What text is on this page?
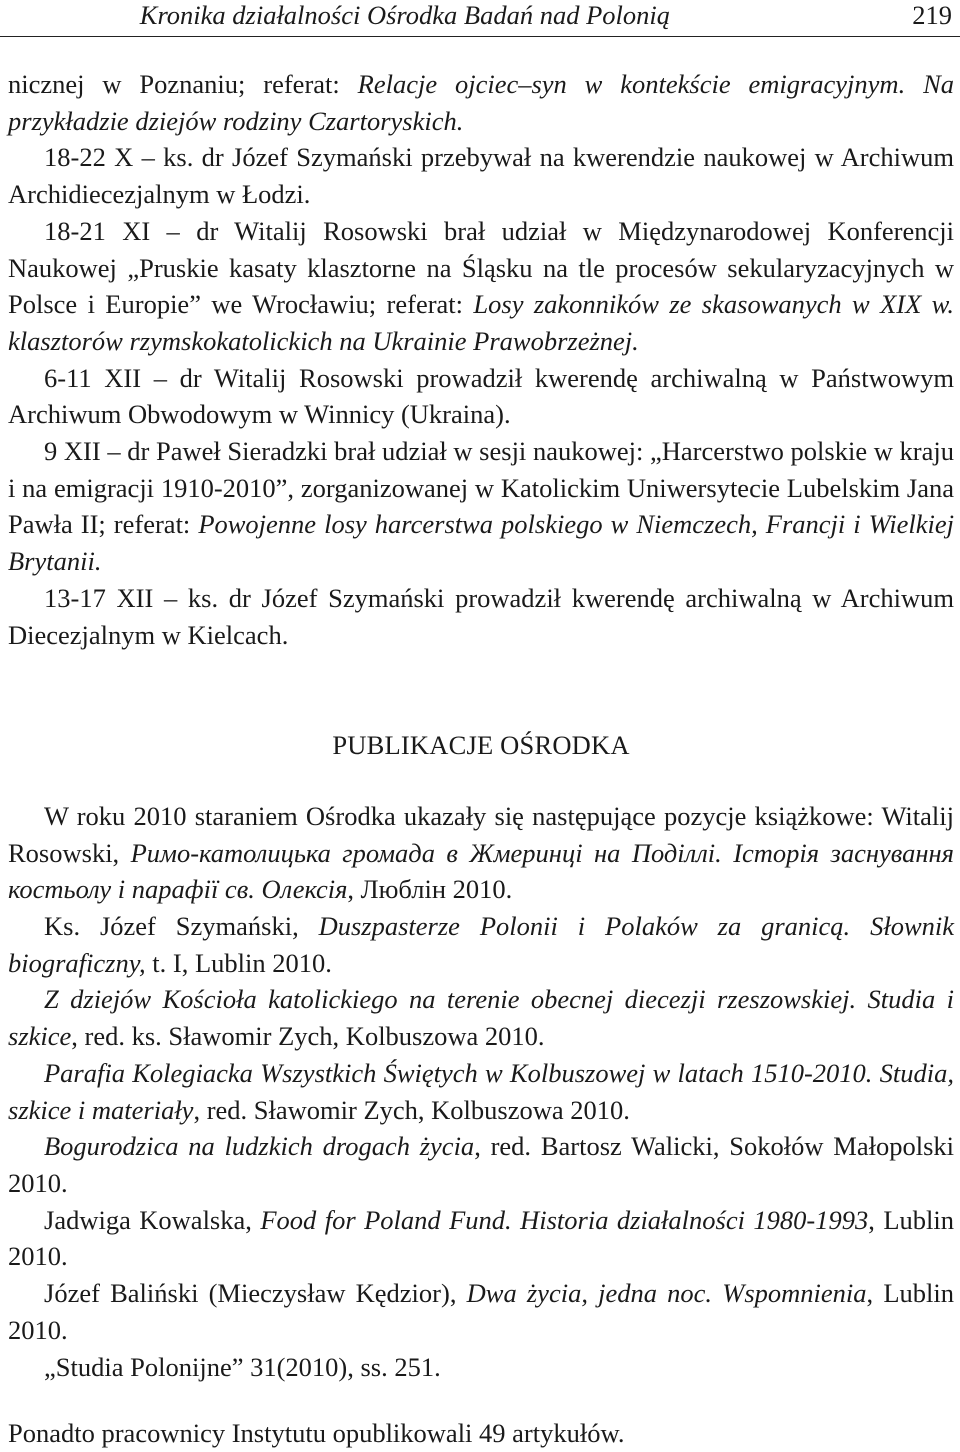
Kronika działalności Ośrodka Badań nad Polonią	219

nicznej w Poznaniu; referat: Relacje ojciec–syn w kontekście emigracyjnym. Na przykładzie dziejów rodziny Czartoryskich.

18-22 X – ks. dr Józef Szymański przebywał na kwerendzie naukowej w Archiwum Archidiecezjalnym w Łodzi.

18-21 XI – dr Witalij Rosowski brał udział w Międzynarodowej Konferencji Naukowej „Pruskie kasaty klasztorne na Śląsku na tle procesów sekularyzacyjnych w Polsce i Europie” we Wrocławiu; referat: Losy zakonników ze skasowanych w XIX w. klasztorów rzymskokatolickich na Ukrainie Prawobrzeżnej.

6-11 XII – dr Witalij Rosowski prowadził kwerendę archiwalną w Państwowym Archiwum Obwodowym w Winnicy (Ukraina).

9 XII – dr Paweł Sieradzki brał udział w sesji naukowej: „Harcerstwo polskie w kraju i na emigracji 1910-2010”, zorganizowanej w Katolickim Uniwersytecie Lubelskim Jana Pawła II; referat: Powojenne losy harcerstwa polskiego w Niemczech, Francji i Wielkiej Brytanii.

13-17 XII – ks. dr Józef Szymański prowadził kwerendę archiwalną w Archiwum Diecezjalnym w Kielcach.

PUBLIKACJE OŚRODKA

W roku 2010 staraniem Ośrodka ukazały się następujące pozycje książkowe: Witalij Rosowski, Римо-католицька громада в Жмеринці на Поділлі. Історія заснування костьолу і парафії св. Олексія, Люблін 2010.

Ks. Józef Szymański, Duszpasterze Polonii i Polaków za granicą. Słownik biograficzny, t. I, Lublin 2010.

Z dziejów Kościoła katolickiego na terenie obecnej diecezji rzeszowskiej. Studia i szkice, red. ks. Sławomir Zych, Kolbuszowa 2010.

Parafia Kolegiacka Wszystkich Świętych w Kolbuszowej w latach 1510-2010. Studia, szkice i materiały, red. Sławomir Zych, Kolbuszowa 2010.

Bogurodzica na ludzkich drogach życia, red. Bartosz Walicki, Sokołów Małopolski 2010.

Jadwiga Kowalska, Food for Poland Fund. Historia działalności 1980-1993, Lublin 2010.

Józef Baliński (Mieczysław Kędzior), Dwa życia, jedna noc. Wspomnienia, Lublin 2010.

„Studia Polonijne” 31(2010), ss. 251.

Ponadto pracownicy Instytutu opublikowali 49 artykułów.
